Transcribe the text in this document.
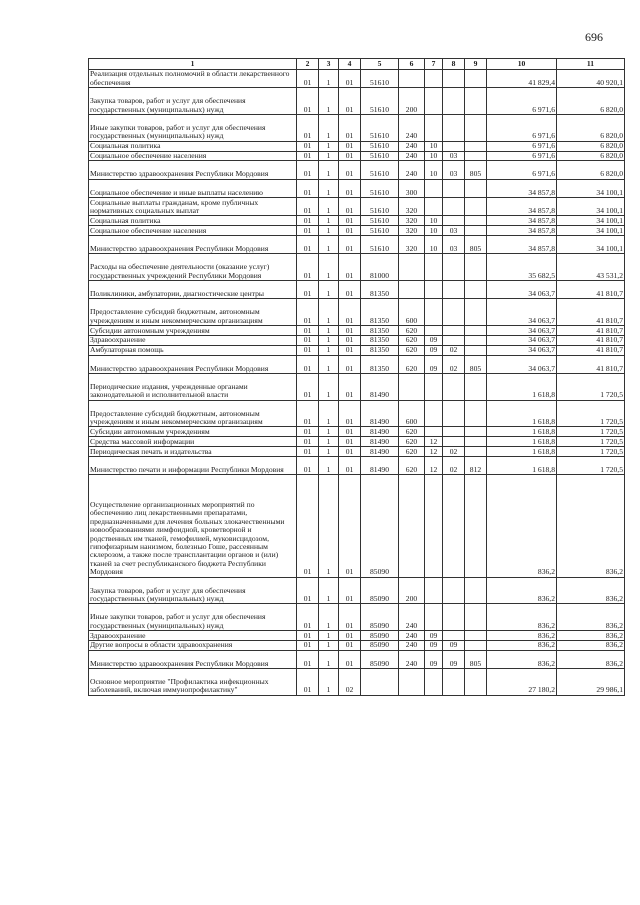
696
1	2	3	4	5	6	7	8	9	10	11
Реализация отдельных полномочий в области лекарственного обеспечения	01	1	01	51610					41 829,4	40 920,1
Закупка товаров, работ и услуг для обеспечения государственных (муниципальных) нужд	01	1	01	51610	200				6 971,6	6 820,0
Иные закупки товаров, работ и услуг для обеспечения государственных (муниципальных) нужд	01	1	01	51610	240				6 971,6	6 820,0
Социальная политика	01	1	01	51610	240	10			6 971,6	6 820,0
Социальное обеспечение населения	01	1	01	51610	240	10	03		6 971,6	6 820,0
Министерство здравоохранения Республики Мордовия	01	1	01	51610	240	10	03	805	6 971,6	6 820,0
Социальное обеспечение и иные выплаты населению	01	1	01	51610	300				34 857,8	34 100,1
Социальные выплаты гражданам, кроме публичных нормативных социальных выплат	01	1	01	51610	320				34 857,8	34 100,1
Социальная политика	01	1	01	51610	320	10			34 857,8	34 100,1
Социальное обеспечение населения	01	1	01	51610	320	10	03		34 857,8	34 100,1
Министерство здравоохранения Республики Мордовия	01	1	01	51610	320	10	03	805	34 857,8	34 100,1
Расходы на обеспечение деятельности (оказание услуг) государственных учреждений Республики Мордовия	01	1	01	81000					35 682,5	43 531,2
Поликлиники, амбулатории, диагностические центры	01	1	01	81350					34 063,7	41 810,7
Предоставление субсидий бюджетным, автономным учреждениям и иным некоммерческим организациям	01	1	01	81350	600				34 063,7	41 810,7
Субсидии автономным учреждениям	01	1	01	81350	620				34 063,7	41 810,7
Здравоохранение	01	1	01	81350	620	09			34 063,7	41 810,7
Амбулаторная помощь	01	1	01	81350	620	09	02		34 063,7	41 810,7
Министерство здравоохранения Республики Мордовия	01	1	01	81350	620	09	02	805	34 063,7	41 810,7
Периодические издания, учрежденные органами законодательной и исполнительной власти	01	1	01	81490					1 618,8	1 720,5
Предоставление субсидий бюджетным, автономным учреждениям и иным некоммерческим организациям	01	1	01	81490	600				1 618,8	1 720,5
Субсидии автономным учреждениям	01	1	01	81490	620				1 618,8	1 720,5
Средства массовой информации	01	1	01	81490	620	12			1 618,8	1 720,5
Периодическая печать и издательства	01	1	01	81490	620	12	02		1 618,8	1 720,5
Министерство печати и информации Республики Мордовия	01	1	01	81490	620	12	02	812	1 618,8	1 720,5
Осуществление организационных мероприятий по обеспечению лиц лекарственными препаратами, предназначенными для лечения больных злокачественными новообразованиями лимфоидной, кроветворной и родственных им тканей, гемофилией, муковисцидозом, гипофизарным нанизмом, болезнью Гоше, рассеянным склерозом, а также после трансплантации органов и (или) тканей за счет республиканского бюджета Республики Мордовия	01	1	01	85090					836,2	836,2
Закупка товаров, работ и услуг для обеспечения государственных (муниципальных) нужд	01	1	01	85090	200				836,2	836,2
Иные закупки товаров, работ и услуг для обеспечения государственных (муниципальных) нужд	01	1	01	85090	240				836,2	836,2
Здравоохранение	01	1	01	85090	240	09			836,2	836,2
Другие вопросы в области здравоохранения	01	1	01	85090	240	09	09		836,2	836,2
Министерство здравоохранения Республики Мордовия	01	1	01	85090	240	09	09	805	836,2	836,2
Основное мероприятие "Профилактика инфекционных заболеваний, включая иммунопрофилактику"	01	1	02						27 180,2	29 986,1
